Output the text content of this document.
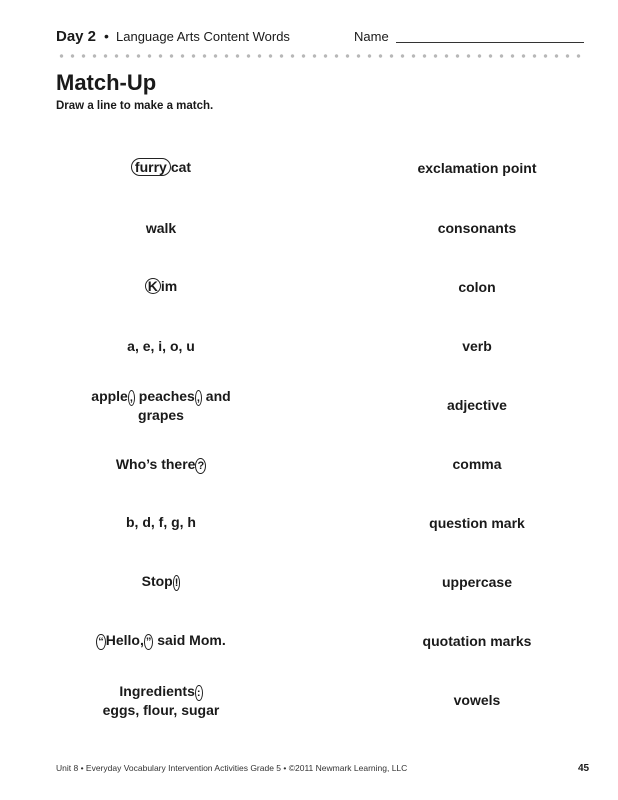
Day 2 • Language Arts Content Words	Name
Match-Up
Draw a line to make a match.
furry cat
walk
K im
a, e, i, o, u
apple , peaches , and
grapes
Who’s there ?
b, d, f, g, h
Stop !
“ Hello, ” said Mom.
Ingredients :
eggs, flour, sugar
exclamation point
consonants
colon
verb
adjective
comma
question mark
uppercase
quotation marks
vowels
Unit 8 • Everyday Vocabulary Intervention Activities Grade 5 • ©2011 Newmark Learning, LLC	45
